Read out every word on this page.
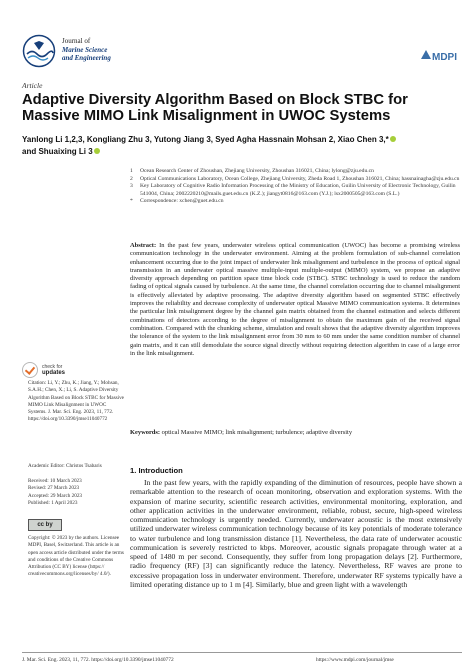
Journal of
Marine Science
and Engineering	MDPI
Article
Adaptive Diversity Algorithm Based on Block STBC for Massive MIMO Link Misalignment in UWOC Systems
Yanlong Li 1,2,3, Kongliang Zhu 3, Yutong Jiang 3, Syed Agha Hassnain Mohsan 2, Xiao Chen 3,*
and Shuaixing Li 3
1	Ocean Research Center of Zhoushan, Zhejiang University, Zhoushan 316021, China; lylong@zju.edu.cn
2	Optical Communications Laboratory, Ocean College, Zhejiang University, Zheda Road 1, Zhoushan 316021, China; hassnainagha@zju.edu.cn
3	Key Laboratory of Cognitive Radio Information Processing of the Ministry of Education, Guilin University of Electronic Technology, Guilin 541004, China; 2002220210@mails.guet.edu.cn (K.Z.); jiangyt0816@163.com (Y.J.); lsx2000505@163.com (S.L.)
*	Correspondence: xchen@guet.edu.cn
Abstract: In the past few years, underwater wireless optical communication (UWOC) has become a promising wireless communication technology in the underwater environment. Aiming at the problem formulation of sub-channel correlation enhancement occurring due to the joint impact of underwater link misalignment and turbulence in the process of optical signal transmission in an underwater optical massive multiple-input multiple-output (MIMO) system, we propose an adaptive diversity approach depending on partition space time block code (STBC). STBC technology is used to reduce the random fading of optical signals caused by turbulence. At the same time, the channel correlation occurring due to channel misalignment is effectively alleviated by adaptive processing. The adaptive diversity algorithm based on segmented STBC effectively improves the reliability and decrease complexity of underwater optical Massive MIMO communication systems. It determines the particular link misalignment degree by the channel gain matrix obtained from the channel estimation and selects different combinations of detectors according to the degree of misalignment to obtain the maximum gain of the received signal combination. Compared with the chunking scheme, simulation and result shows that the adaptive diversity algorithm improves the tolerance of the system to the link misalignment error from 30 mm to 60 mm under the same condition number of channel gain matrix, and it can still demodulate the source signal directly without requiring detection algorithm in case of a large error in the link misalignment.
Keywords: optical Massive MIMO; link misalignment; turbulence; adaptive diversity
check for
updates
Citation: Li, Y.; Zhu, K.; Jiang, Y.; Mohsan, S.A.H.; Chen, X.; Li, S. Adaptive Diversity Algorithm Based on Block STBC for Massive MIMO Link Misalignment in UWOC Systems. J. Mar. Sci. Eng. 2023, 11, 772. https://doi.org/10.3390/jmse11040772
Academic Editor: Christos Tsabaris
Received: 10 March 2023
Revised: 27 March 2023
Accepted: 29 March 2023
Published: 1 April 2023
cc by
Copyright: © 2023 by the authors. Licensee MDPI, Basel, Switzerland. This article is an open access article distributed under the terms and conditions of the Creative Commons Attribution (CC BY) license (https:// creativecommons.org/licenses/by/ 4.0/).
1. Introduction
In the past few years, with the rapidly expanding of the diminution of resources, people have shown a remarkable attention to the research of ocean monitoring, observation and exploration systems. With the expansion of marine security, scientific research activities, environmental monitoring, exploration, and other application activities in the underwater environment, reliable, robust, secure, high-speed wireless communication technology is urgently needed. Currently, underwater acoustic is the most extensively utilized underwater wireless communication technology because of its key potentials of moderate tolerance to water turbulence and long transmission distance [1]. Nevertheless, the data rate of underwater acoustic communication is severely restricted to kbps. Moreover, acoustic signals propagate through water at a speed of 1480 m per second. Consequently, they suffer from long propagation delays [2]. Furthermore, radio frequency (RF) [3] can significantly reduce the latency. Nevertheless, RF waves are prone to excessive propagation loss in underwater environment. Therefore, underwater RF systems typically have a limited operating distance up to 1 m [4]. Similarly, blue and green light with a wavelength
J. Mar. Sci. Eng. 2023, 11, 772. https://doi.org/10.3390/jmse11040772	https://www.mdpi.com/journal/jmse
